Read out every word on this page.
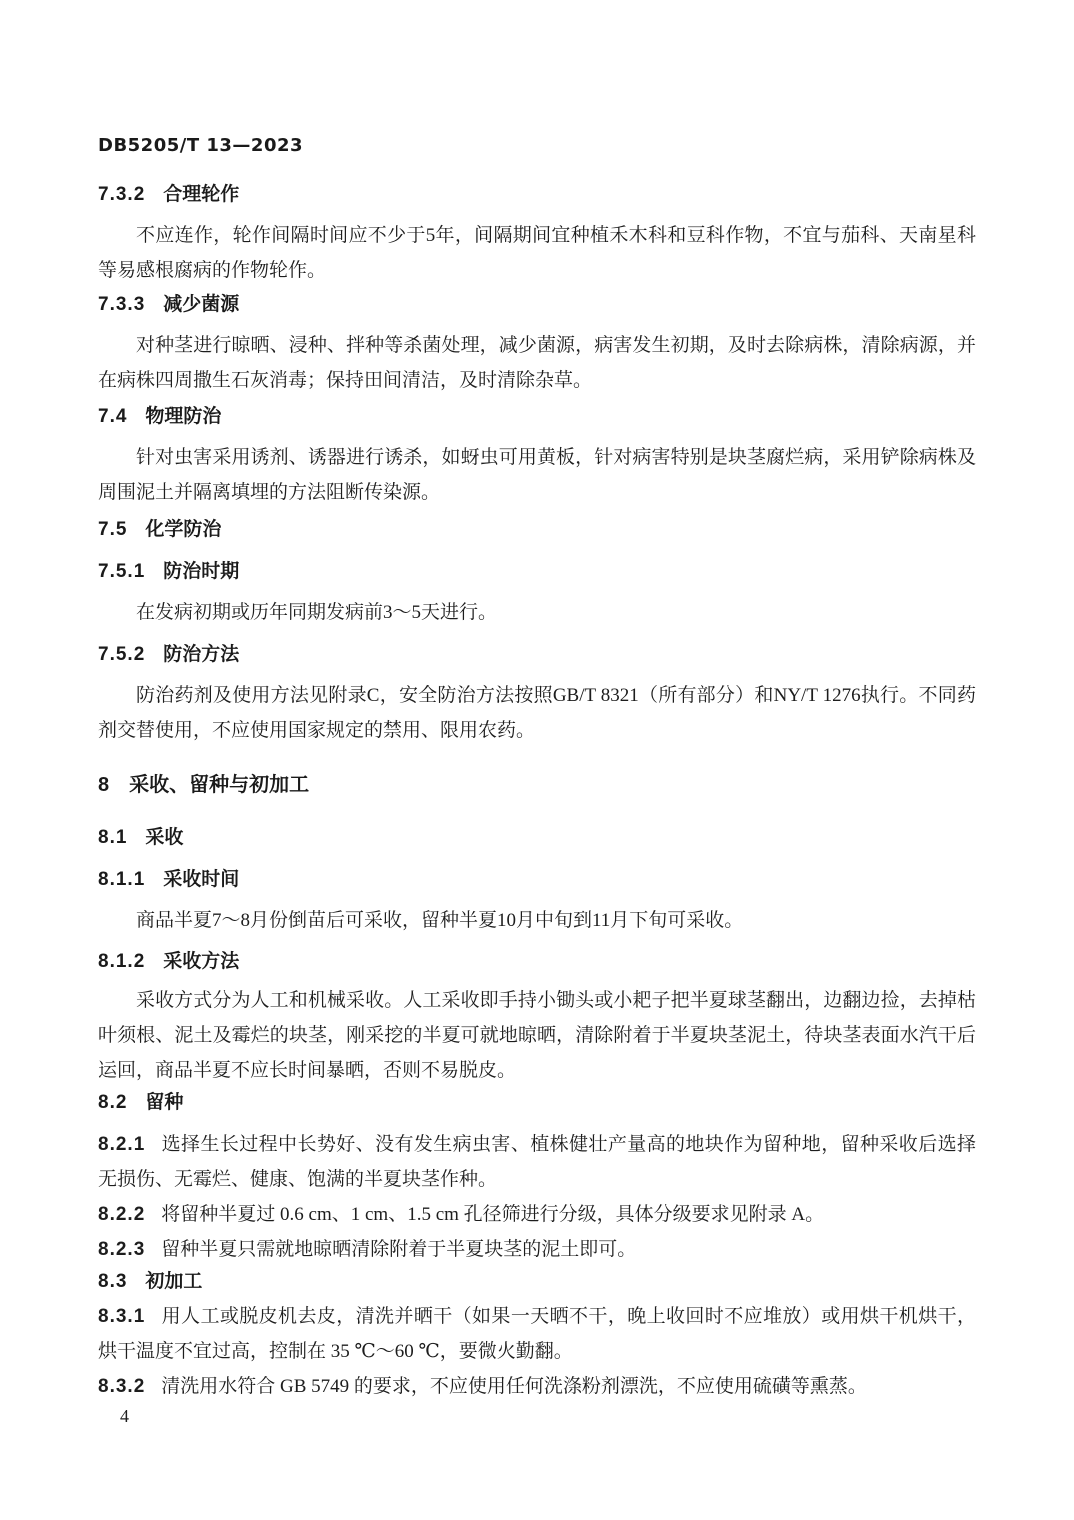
DB5205/T 13—2023
7.3.2 合理轮作

不应连作，轮作间隔时间应不少于5年，间隔期间宜种植禾木科和豆科作物，不宜与茄科、天南星科等易感根腐病的作物轮作。

7.3.3 减少菌源

对种茎进行晾晒、浸种、拌种等杀菌处理，减少菌源，病害发生初期，及时去除病株，清除病源，并在病株四周撒生石灰消毒；保持田间清洁，及时清除杂草。

7.4 物理防治

针对虫害采用诱剂、诱器进行诱杀，如蚜虫可用黄板，针对病害特别是块茎腐烂病，采用铲除病株及周围泥土并隔离填埋的方法阻断传染源。

7.5 化学防治
7.5.1 防治时期

在发病初期或历年同期发病前3～5天进行。

7.5.2 防治方法

防治药剂及使用方法见附录C，安全防治方法按照GB/T 8321（所有部分）和NY/T 1276执行。不同药剂交替使用，不应使用国家规定的禁用、限用农药。

8 采收、留种与初加工
8.1 采收
8.1.1 采收时间

商品半夏7～8月份倒苗后可采收，留种半夏10月中旬到11月下旬可采收。

8.1.2 采收方法

采收方式分为人工和机械采收。人工采收即手持小锄头或小耙子把半夏球茎翻出，边翻边捡，去掉枯叶须根、泥土及霉烂的块茎，刚采挖的半夏可就地晾晒，清除附着于半夏块茎泥土，待块茎表面水汽干后运回，商品半夏不应长时间暴晒，否则不易脱皮。

8.2 留种

8.2.1 选择生长过程中长势好、没有发生病虫害、植株健壮产量高的地块作为留种地，留种采收后选择无损伤、无霉烂、健康、饱满的半夏块茎作种。

8.2.2 将留种半夏过 0.6 cm、1 cm、1.5 cm 孔径筛进行分级，具体分级要求见附录 A。

8.2.3 留种半夏只需就地晾晒清除附着于半夏块茎的泥土即可。

8.3 初加工

8.3.1 用人工或脱皮机去皮，清洗并晒干（如果一天晒不干，晚上收回时不应堆放）或用烘干机烘干，烘干温度不宜过高，控制在 35 ℃～60 ℃，要微火勤翻。

8.3.2 清洗用水符合 GB 5749 的要求，不应使用任何洗涤粉剂漂洗，不应使用硫磺等熏蒸。

4
